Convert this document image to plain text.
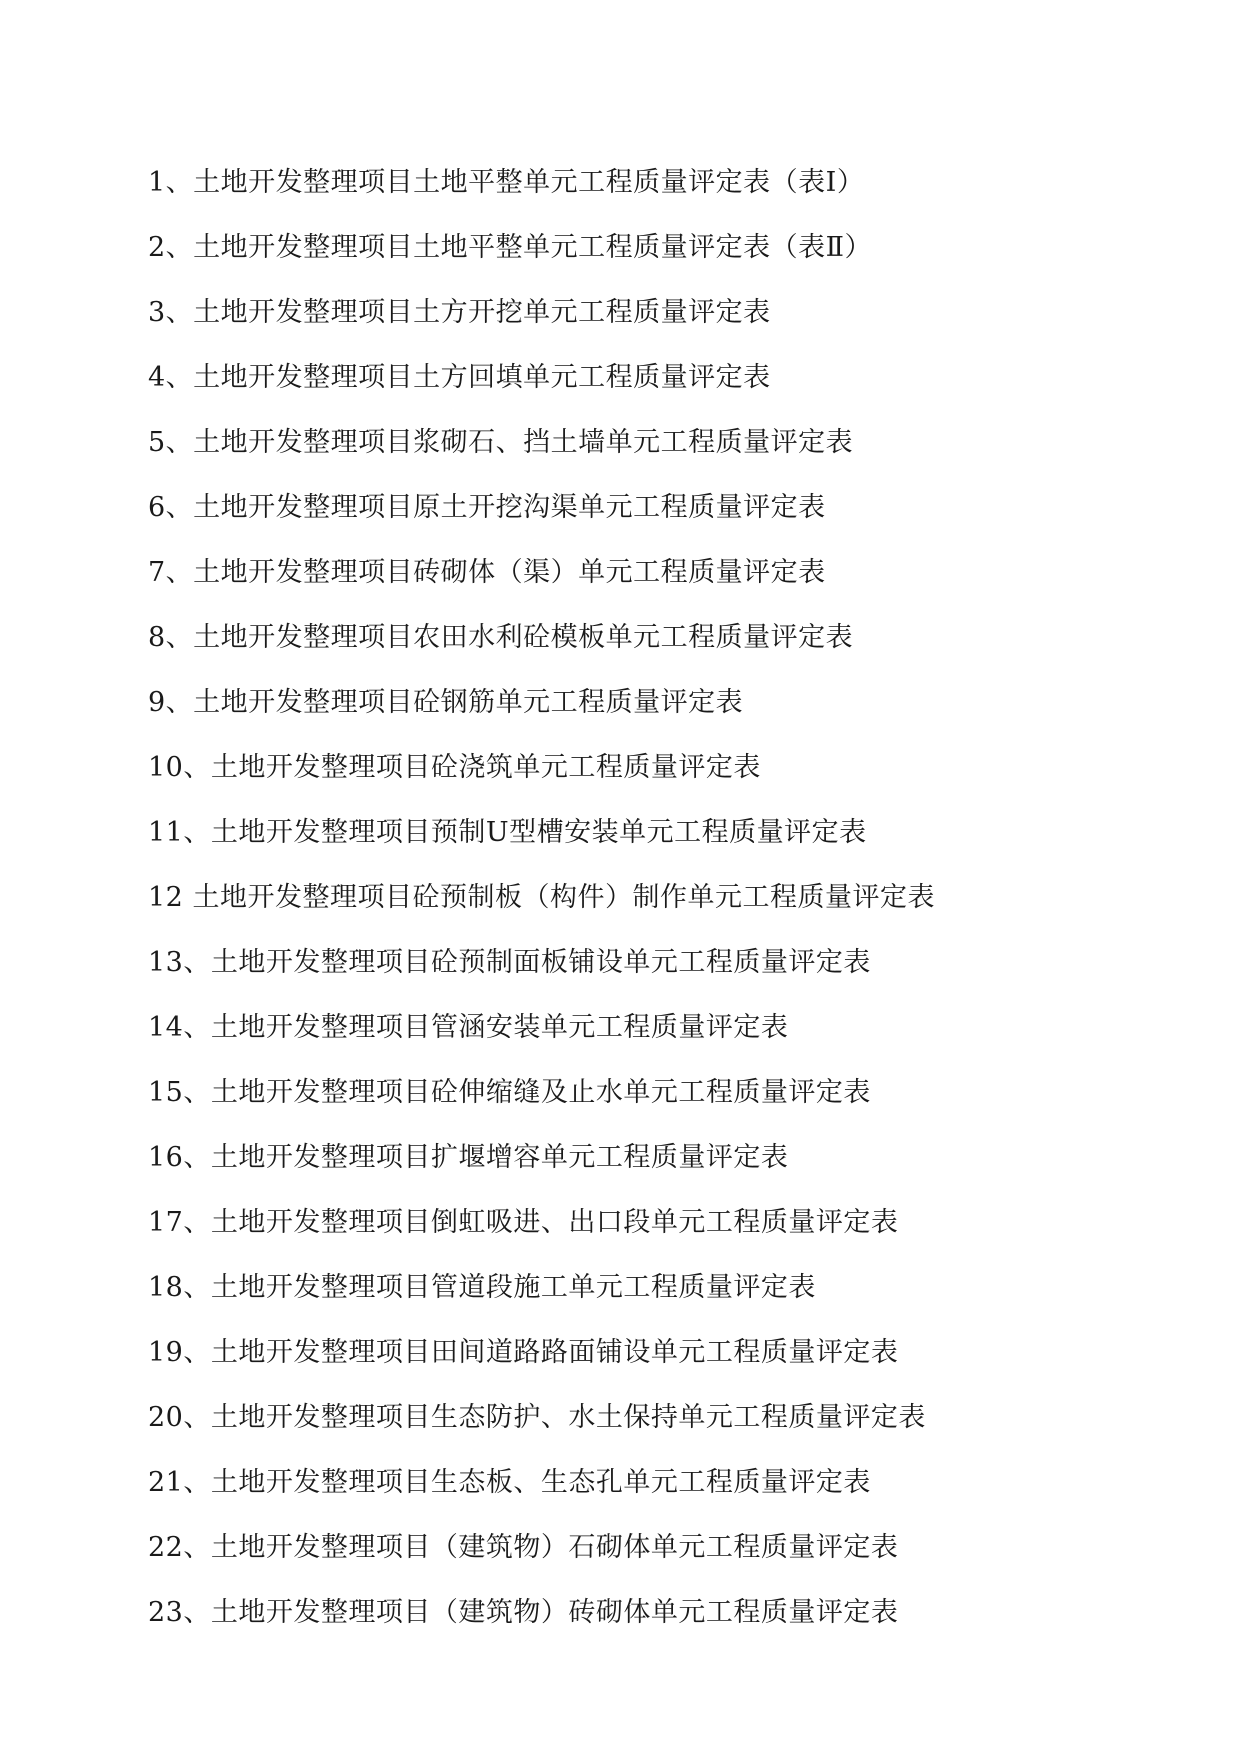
1、土地开发整理项目土地平整单元工程质量评定表（表Ⅰ）
2、土地开发整理项目土地平整单元工程质量评定表（表Ⅱ）
3、土地开发整理项目土方开挖单元工程质量评定表
4、土地开发整理项目土方回填单元工程质量评定表
5、土地开发整理项目浆砌石、挡土墙单元工程质量评定表
6、土地开发整理项目原土开挖沟渠单元工程质量评定表
7、土地开发整理项目砖砌体（渠）单元工程质量评定表
8、土地开发整理项目农田水利砼模板单元工程质量评定表
9、土地开发整理项目砼钢筋单元工程质量评定表
10、土地开发整理项目砼浇筑单元工程质量评定表
11、土地开发整理项目预制U型槽安装单元工程质量评定表
12 土地开发整理项目砼预制板（构件）制作单元工程质量评定表
13、土地开发整理项目砼预制面板铺设单元工程质量评定表
14、土地开发整理项目管涵安装单元工程质量评定表
15、土地开发整理项目砼伸缩缝及止水单元工程质量评定表
16、土地开发整理项目扩堰增容单元工程质量评定表
17、土地开发整理项目倒虹吸进、出口段单元工程质量评定表
18、土地开发整理项目管道段施工单元工程质量评定表
19、土地开发整理项目田间道路路面铺设单元工程质量评定表
20、土地开发整理项目生态防护、水土保持单元工程质量评定表
21、土地开发整理项目生态板、生态孔单元工程质量评定表
22、土地开发整理项目（建筑物）石砌体单元工程质量评定表
23、土地开发整理项目（建筑物）砖砌体单元工程质量评定表
